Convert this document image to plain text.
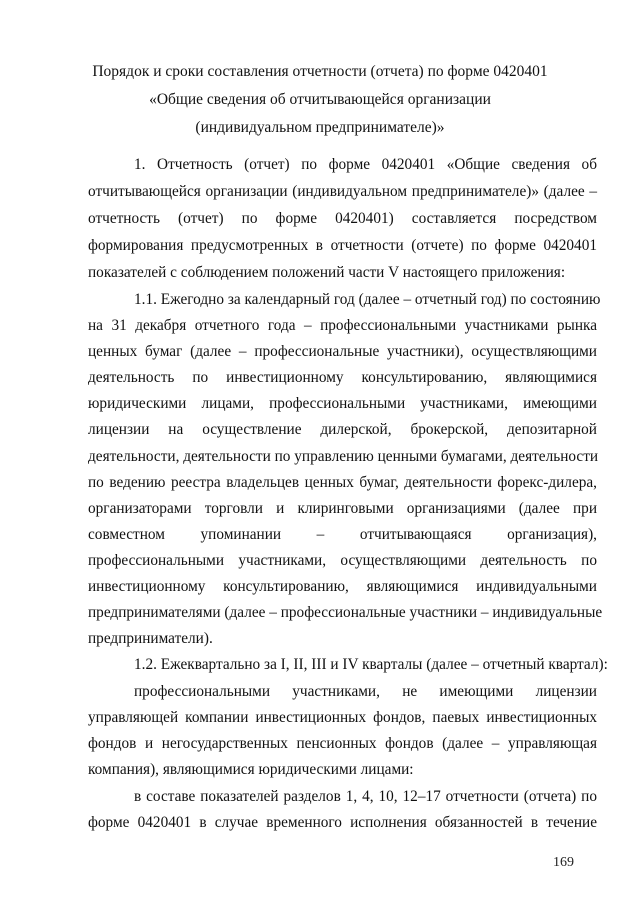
Порядок и сроки составления отчетности (отчета) по форме 0420401
«Общие сведения об отчитывающейся организации
(индивидуальном предпринимателе)»
1. Отчетность (отчет) по форме 0420401 «Общие сведения об
отчитывающейся организации (индивидуальном предпринимателе)» (далее –
отчетность (отчет) по форме 0420401) составляется посредством
формирования предусмотренных в отчетности (отчете) по форме 0420401
показателей с соблюдением положений части V настоящего приложения:
1.1. Ежегодно за календарный год (далее – отчетный год) по состоянию
на 31 декабря отчетного года – профессиональными участниками рынка
ценных бумаг (далее – профессиональные участники), осуществляющими
деятельность по инвестиционному консультированию, являющимися
юридическими лицами, профессиональными участниками, имеющими
лицензии на осуществление дилерской, брокерской, депозитарной
деятельности, деятельности по управлению ценными бумагами, деятельности
по ведению реестра владельцев ценных бумаг, деятельности форекс-дилера,
организаторами торговли и клиринговыми организациями (далее при
совместном упоминании – отчитывающаяся организация),
профессиональными участниками, осуществляющими деятельность по
инвестиционному консультированию, являющимися индивидуальными
предпринимателями (далее – профессиональные участники – индивидуальные
предприниматели).
1.2. Ежеквартально за I, II, III и IV кварталы (далее – отчетный квартал):
профессиональными участниками, не имеющими лицензии
управляющей компании инвестиционных фондов, паевых инвестиционных
фондов и негосударственных пенсионных фондов (далее – управляющая
компания), являющимися юридическими лицами:
в составе показателей разделов 1, 4, 10, 12–17 отчетности (отчета) по
форме 0420401 в случае временного исполнения обязанностей в течение
169
